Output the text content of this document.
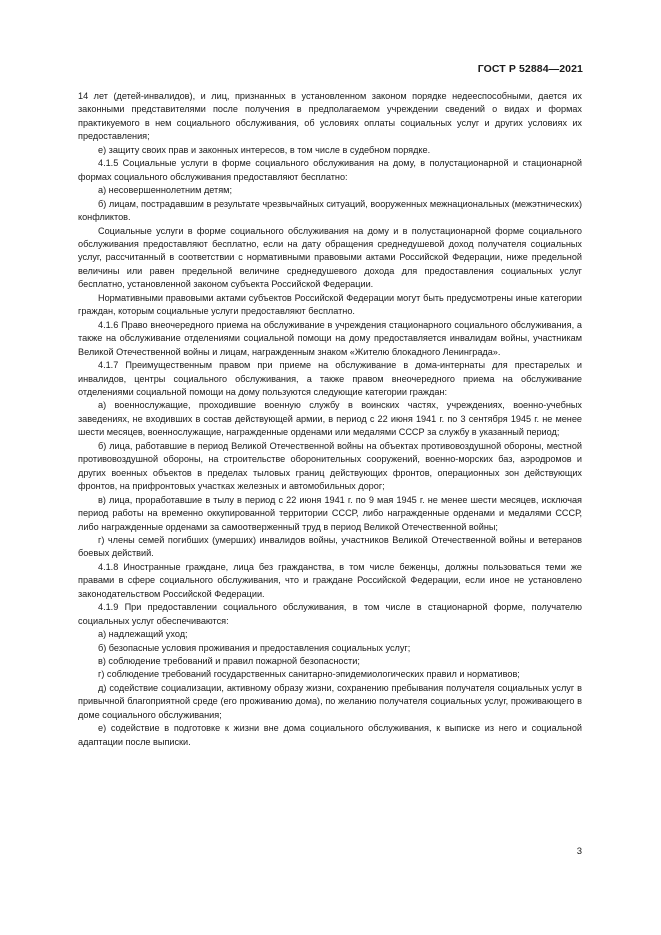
ГОСТ Р 52884—2021

14 лет (детей-инвалидов), и лиц, признанных в установленном законом порядке недееспособными, дается их законными представителями после получения в предполагаемом учреждении сведений о видах и формах практикуемого в нем социального обслуживания, об условиях оплаты социальных услуг и других условиях их предоставления;

е) защиту своих прав и законных интересов, в том числе в судебном порядке.

4.1.5 Социальные услуги в форме социального обслуживания на дому, в полустационарной и стационарной формах социального обслуживания предоставляют бесплатно:

а) несовершеннолетним детям;

б) лицам, пострадавшим в результате чрезвычайных ситуаций, вооруженных межнациональных (межэтнических) конфликтов.

Социальные услуги в форме социального обслуживания на дому и в полустационарной форме социального обслуживания предоставляют бесплатно, если на дату обращения среднедушевой доход получателя социальных услуг, рассчитанный в соответствии с нормативными правовыми актами Российской Федерации, ниже предельной величины или равен предельной величине среднедушевого дохода для предоставления социальных услуг бесплатно, установленной законом субъекта Российской Федерации.

Нормативными правовыми актами субъектов Российской Федерации могут быть предусмотрены иные категории граждан, которым социальные услуги предоставляют бесплатно.

4.1.6 Право внеочередного приема на обслуживание в учреждения стационарного социального обслуживания, а также на обслуживание отделениями социальной помощи на дому предоставляется инвалидам войны, участникам Великой Отечественной войны и лицам, награжденным знаком «Жителю блокадного Ленинграда».

4.1.7 Преимущественным правом при приеме на обслуживание в дома-интернаты для престарелых и инвалидов, центры социального обслуживания, а также правом внеочередного приема на обслуживание отделениями социальной помощи на дому пользуются следующие категории граждан:

а) военнослужащие, проходившие военную службу в воинских частях, учреждениях, военно-учебных заведениях, не входивших в состав действующей армии, в период с 22 июня 1941 г. по 3 сентября 1945 г. не менее шести месяцев, военнослужащие, награжденные орденами или медалями СССР за службу в указанный период;

б) лица, работавшие в период Великой Отечественной войны на объектах противовоздушной обороны, местной противовоздушной обороны, на строительстве оборонительных сооружений, военно-морских баз, аэродромов и других военных объектов в пределах тыловых границ действующих фронтов, операционных зон действующих фронтов, на прифронтовых участках железных и автомобильных дорог;

в) лица, проработавшие в тылу в период с 22 июня 1941 г. по 9 мая 1945 г. не менее шести месяцев, исключая период работы на временно оккупированной территории СССР, либо награжденные орденами и медалями СССР, либо награжденные орденами за самоотверженный труд в период Великой Отечественной войны;

г) члены семей погибших (умерших) инвалидов войны, участников Великой Отечественной войны и ветеранов боевых действий.

4.1.8 Иностранные граждане, лица без гражданства, в том числе беженцы, должны пользоваться теми же правами в сфере социального обслуживания, что и граждане Российской Федерации, если иное не установлено законодательством Российской Федерации.

4.1.9 При предоставлении социального обслуживания, в том числе в стационарной форме, получателю социальных услуг обеспечиваются:

а) надлежащий уход;

б) безопасные условия проживания и предоставления социальных услуг;

в) соблюдение требований и правил пожарной безопасности;

г) соблюдение требований государственных санитарно-эпидемиологических правил и нормативов;

д) содействие социализации, активному образу жизни, сохранению пребывания получателя социальных услуг в привычной благоприятной среде (его проживанию дома), по желанию получателя социальных услуг, проживающего в доме социального обслуживания;

е) содействие в подготовке к жизни вне дома социального обслуживания, к выписке из него и социальной адаптации после выписки.

3
